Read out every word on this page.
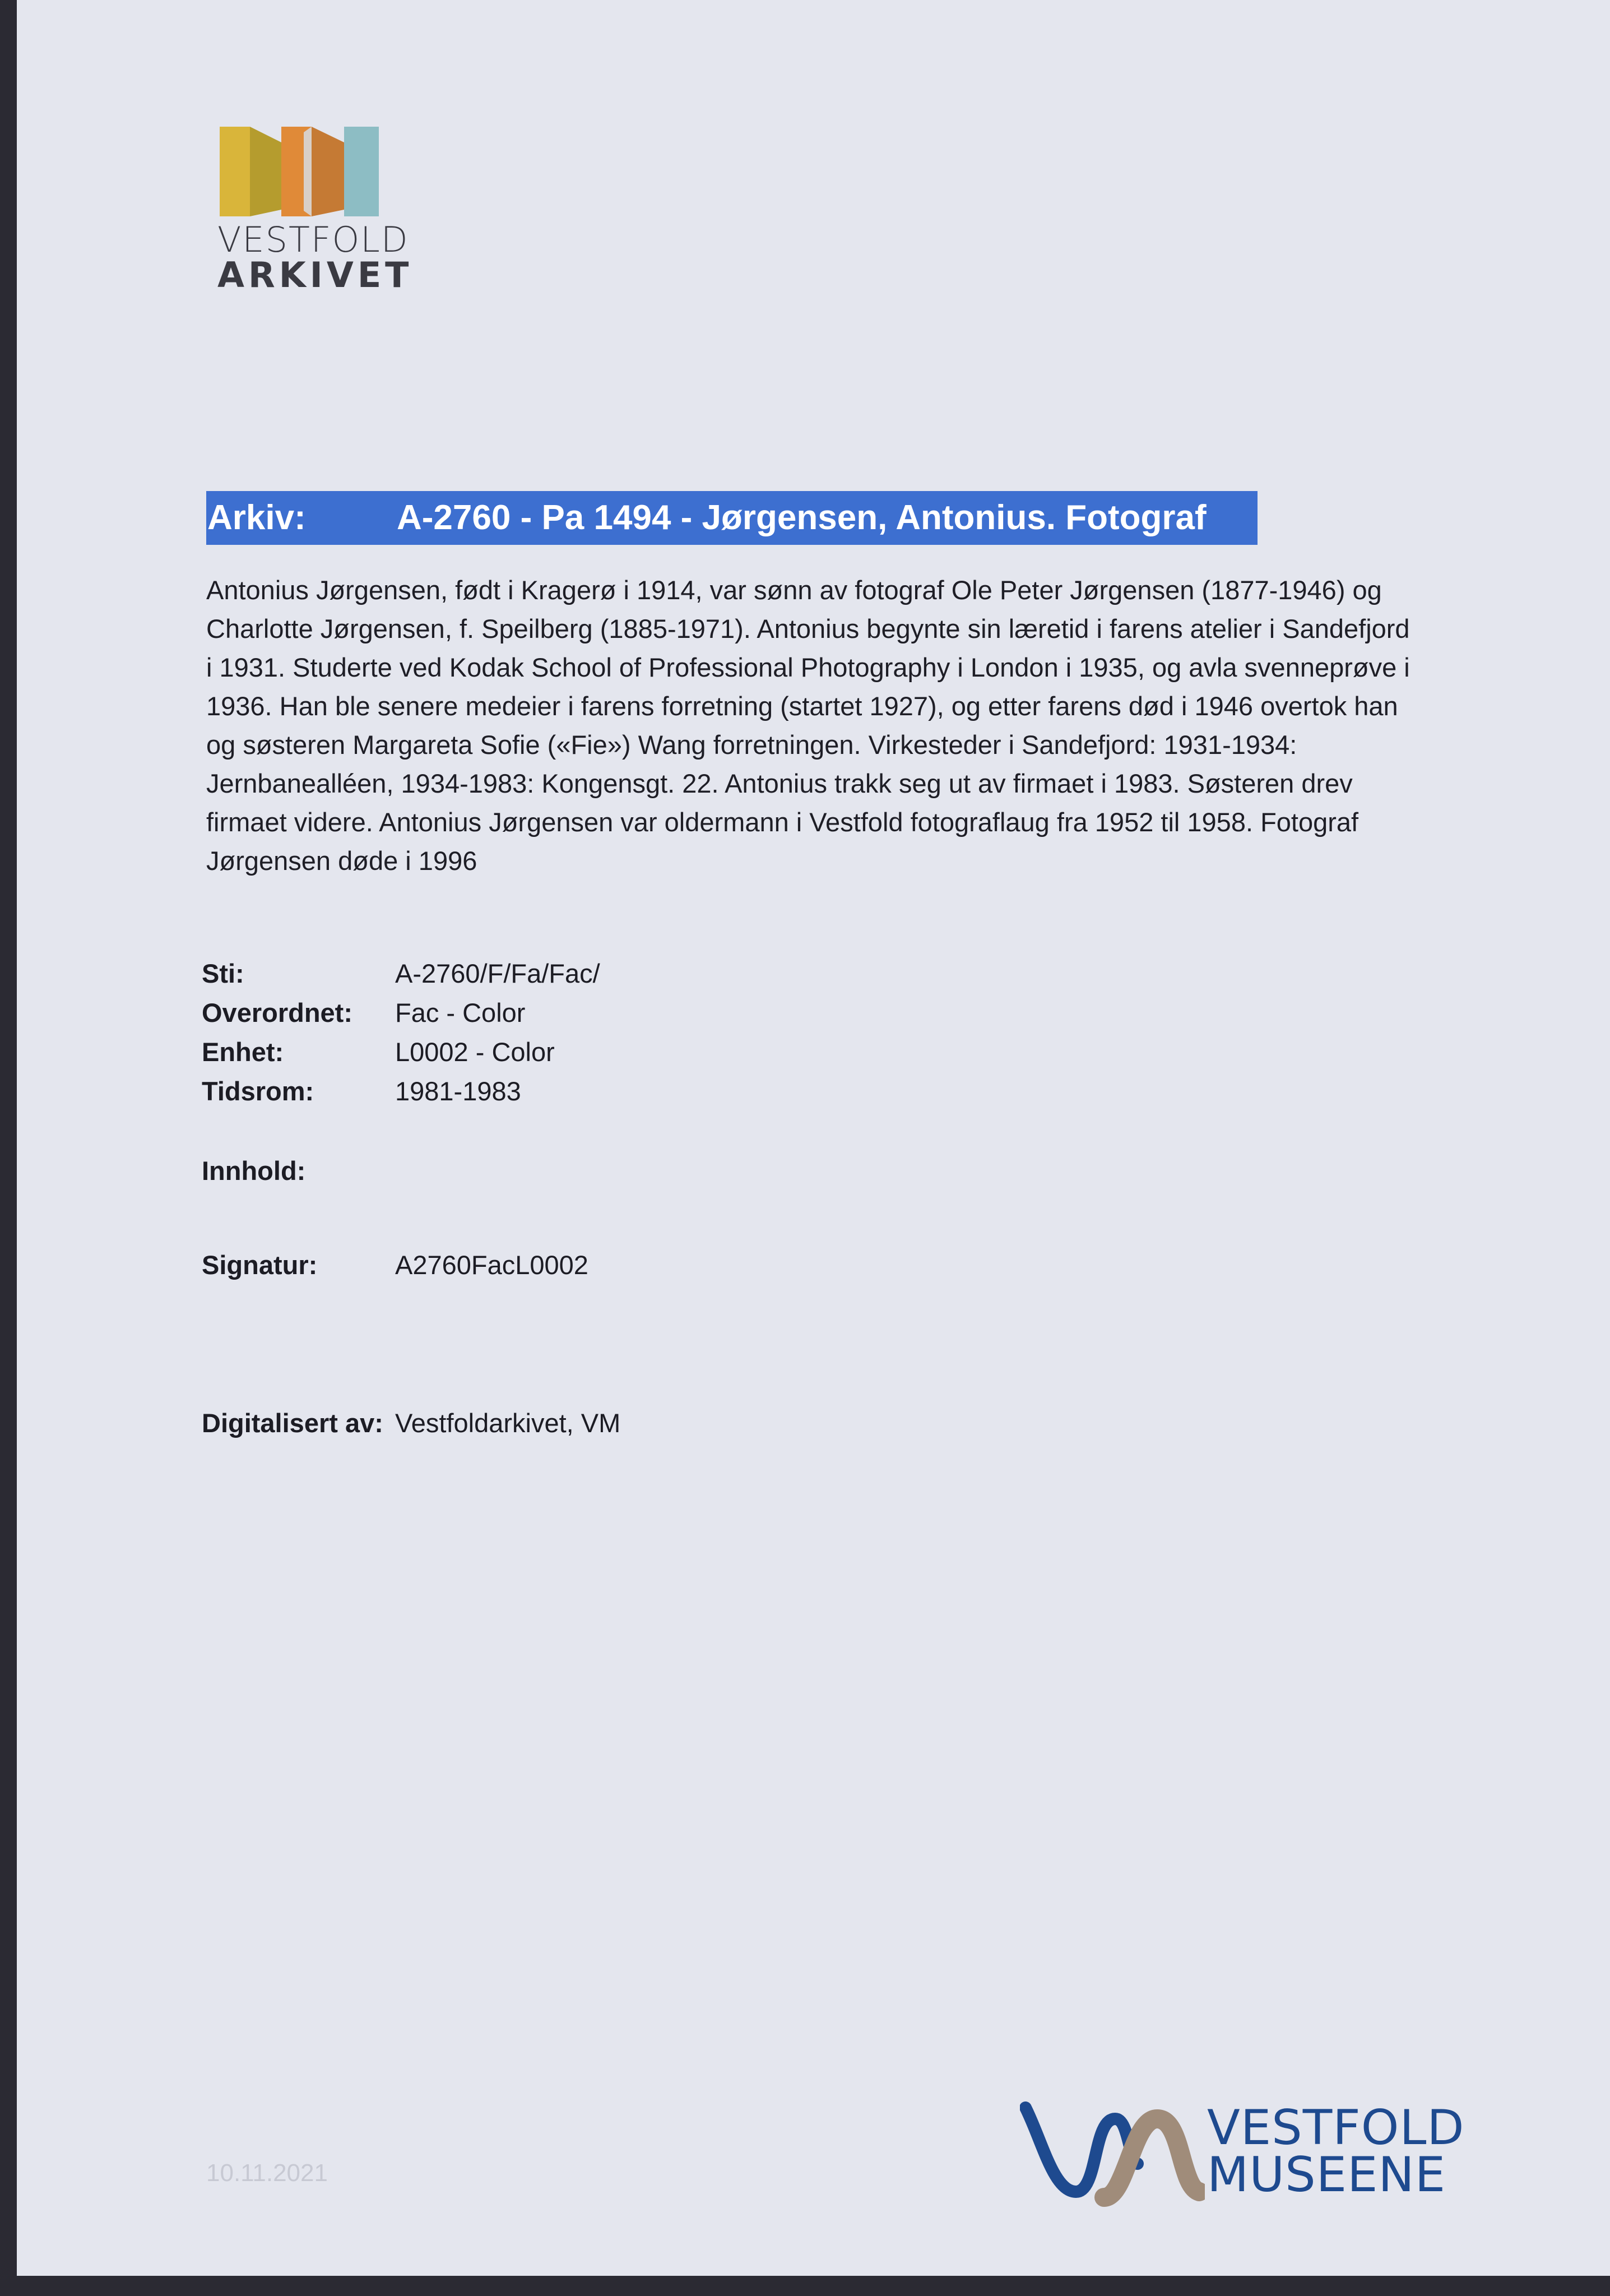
VESTFOLD
ARKIVET
Arkiv:	A-2760 - Pa 1494 - Jørgensen, Antonius. Fotograf
Antonius Jørgensen, født i Kragerø i 1914, var sønn av fotograf Ole Peter Jørgensen (1877-1946) og Charlotte Jørgensen, f. Speilberg (1885-1971). Antonius begynte sin læretid i farens atelier i Sandefjord i 1931. Studerte ved Kodak School of Professional Photography i London i 1935, og avla svenneprøve i 1936. Han ble senere medeier i farens forretning (startet 1927), og etter farens død i 1946 overtok han og søsteren Margareta Sofie («Fie») Wang forretningen. Virkesteder i Sandefjord: 1931-1934: Jernbanealléen, 1934-1983: Kongensgt. 22. Antonius trakk seg ut av firmaet i 1983. Søsteren drev firmaet videre. Antonius Jørgensen var oldermann i Vestfold fotograflaug fra 1952 til 1958. Fotograf Jørgensen døde i 1996
Sti:	A-2760/F/Fa/Fac/
Overordnet: Fac - Color
Enhet:	L0002 - Color
Tidsrom:	1981-1983
Innhold:
Signatur:	A2760FacL0002
Digitalisert av: Vestfoldarkivet, VM
10.11.2021
VESTFOLD
MUSEENE
